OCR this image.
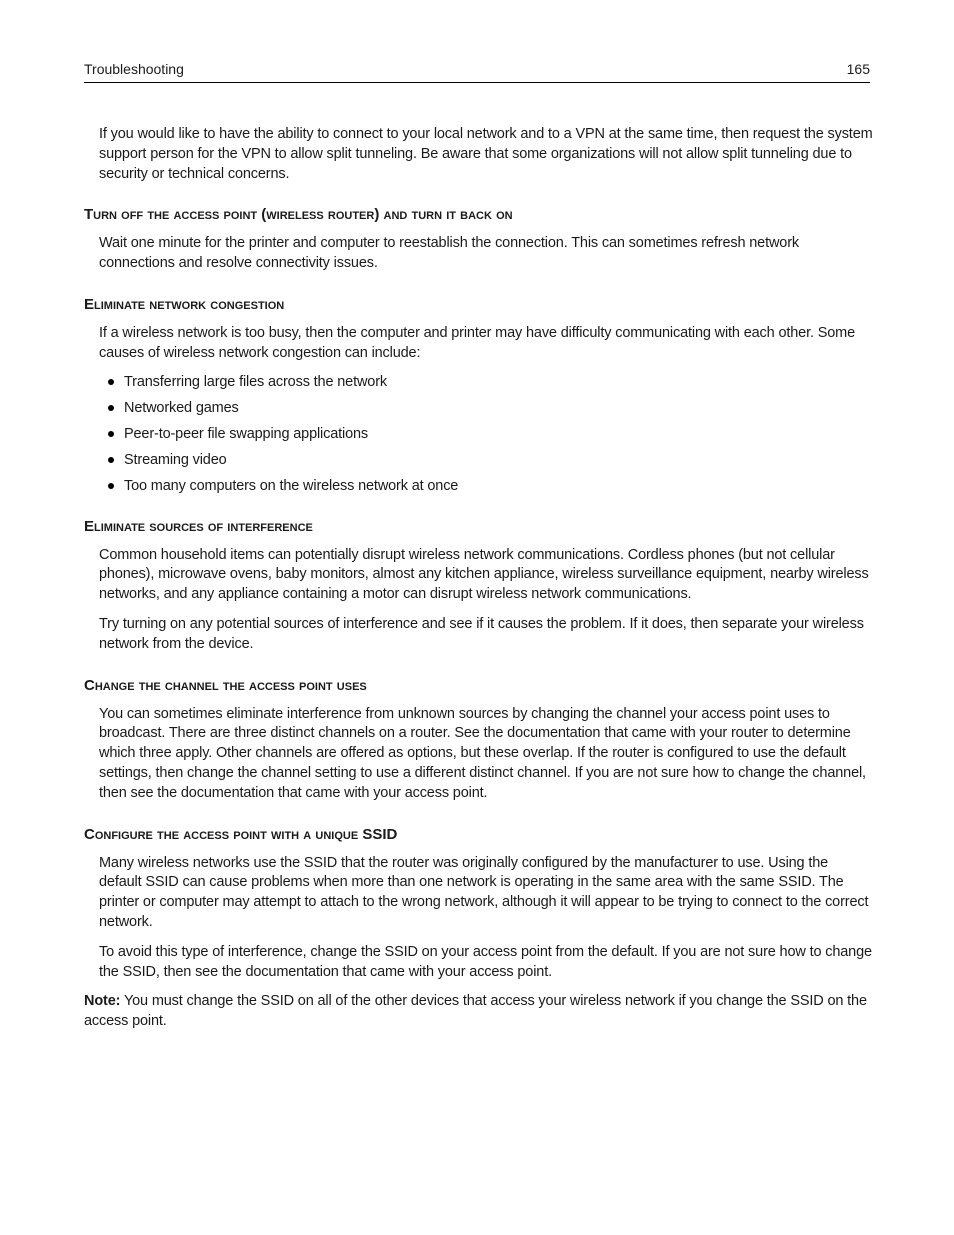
Troubleshooting	165

If you would like to have the ability to connect to your local network and to a VPN at the same time, then request the system support person for the VPN to allow split tunneling. Be aware that some organizations will not allow split tunneling due to security or technical concerns.

Turn off the access point (wireless router) and turn it back on

Wait one minute for the printer and computer to reestablish the connection. This can sometimes refresh network connections and resolve connectivity issues.

Eliminate network congestion

If a wireless network is too busy, then the computer and printer may have difficulty communicating with each other. Some causes of wireless network congestion can include:

Transferring large files across the network
Networked games
Peer-to-peer file swapping applications
Streaming video
Too many computers on the wireless network at once
Eliminate sources of interference

Common household items can potentially disrupt wireless network communications. Cordless phones (but not cellular phones), microwave ovens, baby monitors, almost any kitchen appliance, wireless surveillance equipment, nearby wireless networks, and any appliance containing a motor can disrupt wireless network communications.

Try turning on any potential sources of interference and see if it causes the problem. If it does, then separate your wireless network from the device.

Change the channel the access point uses

You can sometimes eliminate interference from unknown sources by changing the channel your access point uses to broadcast. There are three distinct channels on a router. See the documentation that came with your router to determine which three apply. Other channels are offered as options, but these overlap. If the router is configured to use the default settings, then change the channel setting to use a different distinct channel. If you are not sure how to change the channel, then see the documentation that came with your access point.

Configure the access point with a unique SSID

Many wireless networks use the SSID that the router was originally configured by the manufacturer to use. Using the default SSID can cause problems when more than one network is operating in the same area with the same SSID. The printer or computer may attempt to attach to the wrong network, although it will appear to be trying to connect to the correct network.

To avoid this type of interference, change the SSID on your access point from the default. If you are not sure how to change the SSID, then see the documentation that came with your access point.

Note: You must change the SSID on all of the other devices that access your wireless network if you change the SSID on the access point.
